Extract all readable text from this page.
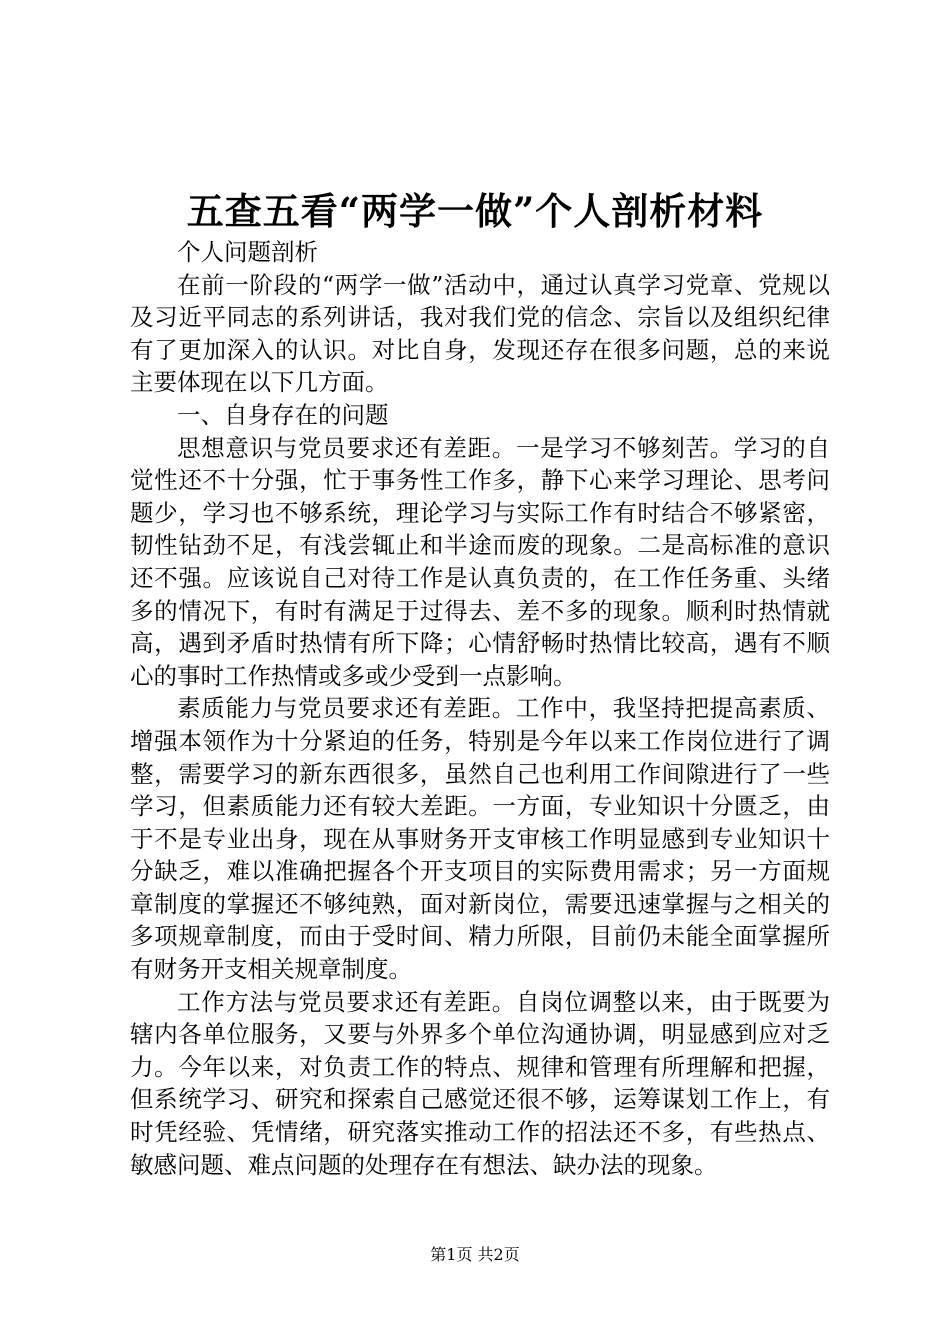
五查五看“两学一做”个人剖析材料

个人问题剖析

在前一阶段的“两学一做”活动中，通过认真学习党章、党规以及习近平同志的系列讲话，我对我们党的信念、宗旨以及组织纪律有了更加深入的认识。对比自身，发现还存在很多问题，总的来说主要体现在以下几方面。

一、自身存在的问题

思想意识与党员要求还有差距。一是学习不够刻苦。学习的自觉性还不十分强，忙于事务性工作多，静下心来学习理论、思考问题少，学习也不够系统，理论学习与实际工作有时结合不够紧密，韧性钻劲不足，有浅尝辄止和半途而废的现象。二是高标准的意识还不强。应该说自己对待工作是认真负责的，在工作任务重、头绪多的情况下，有时有满足于过得去、差不多的现象。顺利时热情就高，遇到矛盾时热情有所下降；心情舒畅时热情比较高，遇有不顺心的事时工作热情或多或少受到一点影响。

素质能力与党员要求还有差距。工作中，我坚持把提高素质、增强本领作为十分紧迫的任务，特别是今年以来工作岗位进行了调整，需要学习的新东西很多，虽然自己也利用工作间隙进行了一些学习，但素质能力还有较大差距。一方面，专业知识十分匮乏，由于不是专业出身，现在从事财务开支审核工作明显感到专业知识十分缺乏，难以准确把握各个开支项目的实际费用需求；另一方面规章制度的掌握还不够纯熟，面对新岗位，需要迅速掌握与之相关的多项规章制度，而由于受时间、精力所限，目前仍未能全面掌握所有财务开支相关规章制度。

工作方法与党员要求还有差距。自岗位调整以来，由于既要为辖内各单位服务，又要与外界多个单位沟通协调，明显感到应对乏力。今年以来，对负责工作的特点、规律和管理有所理解和把握，但系统学习、研究和探索自己感觉还很不够，运筹谋划工作上，有时凭经验、凭情绪，研究落实推动工作的招法还不多，有些热点、敏感问题、难点问题的处理存在有想法、缺办法的现象。

第1页 共2页
